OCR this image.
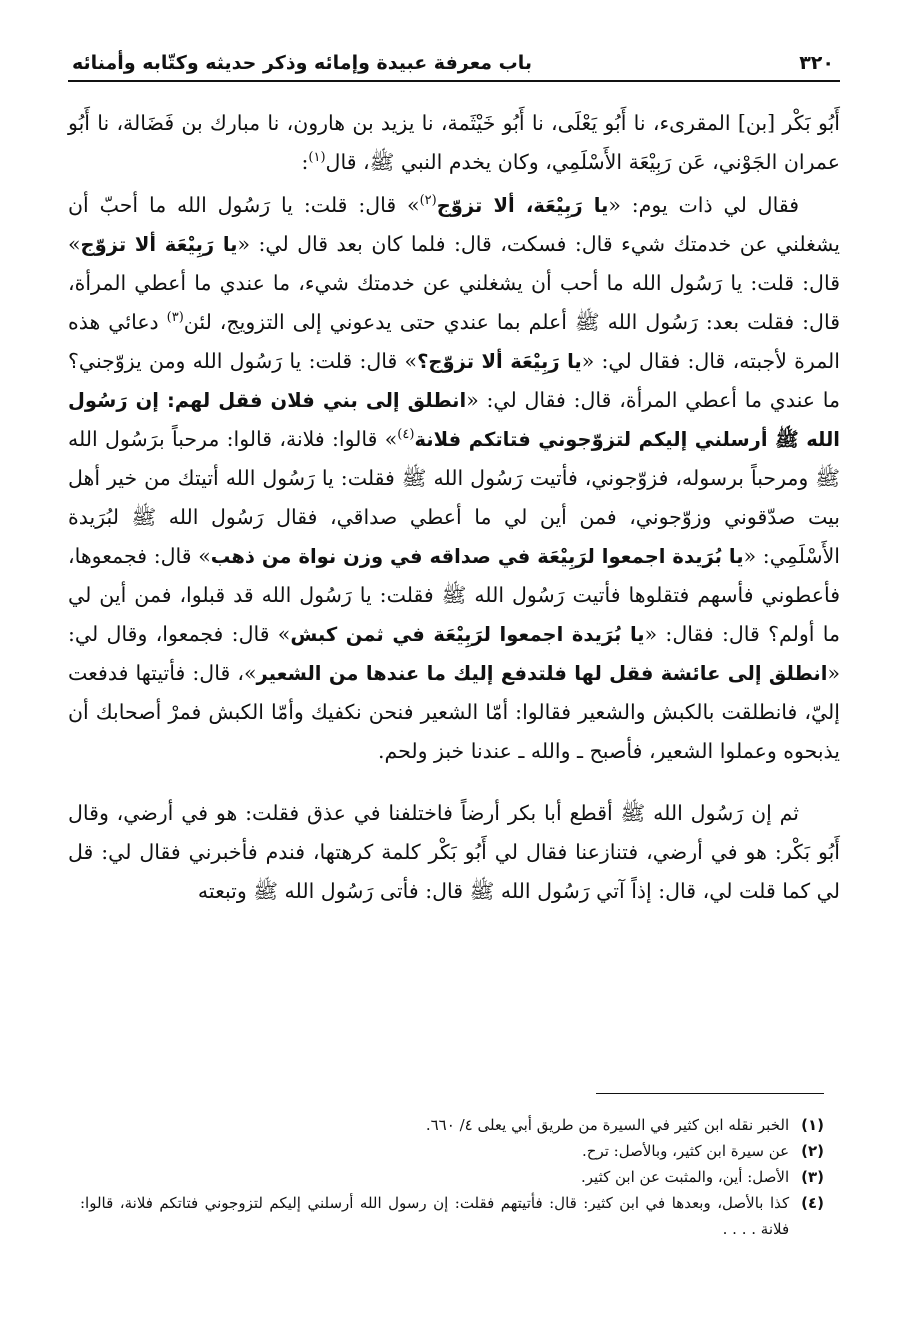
٣٢٠
باب معرفة عبيدة وإمائه وذكر حديثه وكتّابه وأمنائه

أَبُو بَكْر [بن] المقرىء، نا أَبُو يَعْلَى، نا أَبُو خَيْثَمة، نا يزيد بن هارون، نا مبارك بن فَضَالة، نا أَبُو عمران الجَوْني، عَن رَبِيْعَة الأَسْلَمِي، وكان يخدم النبي ﷺ، قال$^{(١)}$:

فقال لي ذات يوم: «يا رَبِيْعَة، ألا تزوّج$^{(٢)}$» قال: قلت: يا رَسُول الله ما أحبّ أن يشغلني عن خدمتك شيء قال: فسكت، قال: فلما كان بعد قال لي: «يا رَبِيْعَة ألا تزوّج» قال: قلت: يا رَسُول الله ما أحب أن يشغلني عن خدمتك شيء، ما عندي ما أعطي المرأة، قال: فقلت بعد: رَسُول الله ﷺ أعلم بما عندي حتى يدعوني إلى التزويج، لئن$^{(٣)}$ دعائي هذه المرة لأجبته، قال: فقال لي: «يا رَبِيْعَة ألا تزوّج؟» قال: قلت: يا رَسُول الله ومن يزوّجني؟ ما عندي ما أعطي المرأة، قال: فقال لي: «انطلق إلى بني فلان فقل لهم: إن رَسُول الله ﷺ أرسلني إليكم لتزوّجوني فتاتكم فلانة$^{(٤)}$» قالوا: فلانة، قالوا: مرحباً برَسُول الله ﷺ ومرحباً برسوله، فزوّجوني، فأتيت رَسُول الله ﷺ فقلت: يا رَسُول الله أتيتك من خير أهل بيت صدّقوني وزوّجوني، فمن أين لي ما أعطي صداقي، فقال رَسُول الله ﷺ لبُرَيدة الأَسْلَمِي: «يا بُرَيدة اجمعوا لرَبِيْعَة في صداقه في وزن نواة من ذهب» قال: فجمعوها، فأعطوني فأسهم فتقلوها فأتيت رَسُول الله ﷺ فقلت: يا رَسُول الله قد قبلوا، فمن أين لي ما أولم؟ قال: فقال: «يا بُرَيدة اجمعوا لرَبِيْعَة في ثمن كبش» قال: فجمعوا، وقال لي: «انطلق إلى عائشة فقل لها فلتدفع إليك ما عندها من الشعير»، قال: فأتيتها فدفعت إليّ، فانطلقت بالكبش والشعير فقالوا: أمّا الشعير فنحن نكفيك وأمّا الكبش فمرْ أصحابك أن يذبحوه وعملوا الشعير، فأصبح ـ والله ـ عندنا خبز ولحم.

ثم إن رَسُول الله ﷺ أقطع أبا بكر أرضاً فاختلفنا في عذق فقلت: هو في أرضي، وقال أَبُو بَكْر: هو في أرضي، فتنازعنا فقال لي أَبُو بَكْر كلمة كرهتها، فندم فأخبرني فقال لي: قل لي كما قلت لي، قال: إذاً آتي رَسُول الله ﷺ قال: فأتى رَسُول الله ﷺ وتبعته

(١)
الخبر نقله ابن كثير في السيرة من طريق أبي يعلى ٤/ ٦٦٠.
(٢)
عن سيرة ابن كثير، وبالأصل: ترح.
(٣)
الأصل: أين، والمثبت عن ابن كثير.
(٤)
كذا بالأصل، وبعدها في ابن كثير: قال: فأتيتهم فقلت: إن رسول الله أرسلني إليكم لتزوجوني فتاتكم فلانة، قالوا: فلانة . . . .
